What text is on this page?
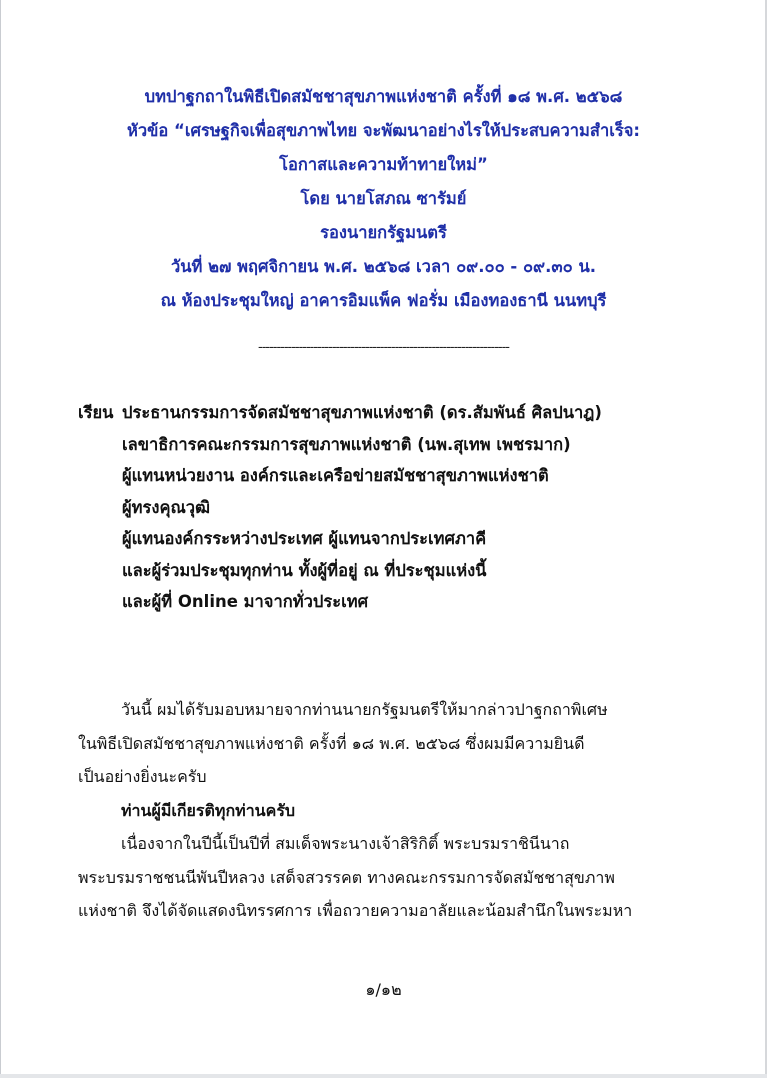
บทปาฐกถาในพิธีเปิดสมัชชาสุขภาพแห่งชาติ ครั้งที่ ๑๘ พ.ศ. ๒๕๖๘
หัวข้อ “เศรษฐกิจเพื่อสุขภาพไทย จะพัฒนาอย่างไรให้ประสบความสำเร็จ:
โอกาสและความท้าทายใหม่”
โดย นายโสภณ ซารัมย์
รองนายกรัฐมนตรี
วันที่ ๒๗ พฤศจิกายน พ.ศ. ๒๕๖๘ เวลา ๐๙.๐๐ - ๐๙.๓๐ น.
ณ ห้องประชุมใหญ่ อาคารอิมแพ็ค ฟอรั่ม เมืองทองธานี นนทบุรี
--------------------------------------------------------------------
เรียน ประธานกรรมการจัดสมัชชาสุขภาพแห่งชาติ (ดร.สัมพันธ์ ศิลปนาฎ)
เลขาธิการคณะกรรมการสุขภาพแห่งชาติ (นพ.สุเทพ เพชรมาก)
ผู้แทนหน่วยงาน องค์กรและเครือข่ายสมัชชาสุขภาพแห่งชาติ
ผู้ทรงคุณวุฒิ
ผู้แทนองค์กรระหว่างประเทศ ผู้แทนจากประเทศภาคี
และผู้ร่วมประชุมทุกท่าน ทั้งผู้ที่อยู่ ณ ที่ประชุมแห่งนี้
และผู้ที่ Online มาจากทั่วประเทศ
วันนี้ ผมได้รับมอบหมายจากท่านนายกรัฐมนตรีให้มากล่าวปาฐกถาพิเศษ
ในพิธีเปิดสมัชชาสุขภาพแห่งชาติ ครั้งที่ ๑๘ พ.ศ. ๒๕๖๘ ซึ่งผมมีความยินดี
เป็นอย่างยิ่งนะครับ
ท่านผู้มีเกียรติทุกท่านครับ
เนื่องจากในปีนี้เป็นปีที่ สมเด็จพระนางเจ้าสิริกิติ์ พระบรมราชินีนาถ
พระบรมราชชนนีพันปีหลวง เสด็จสวรรคต ทางคณะกรรมการจัดสมัชชาสุขภาพ
แห่งชาติ จึงได้จัดแสดงนิทรรศการ เพื่อถวายความอาลัยและน้อมสำนึกในพระมหา
๑/๑๒
